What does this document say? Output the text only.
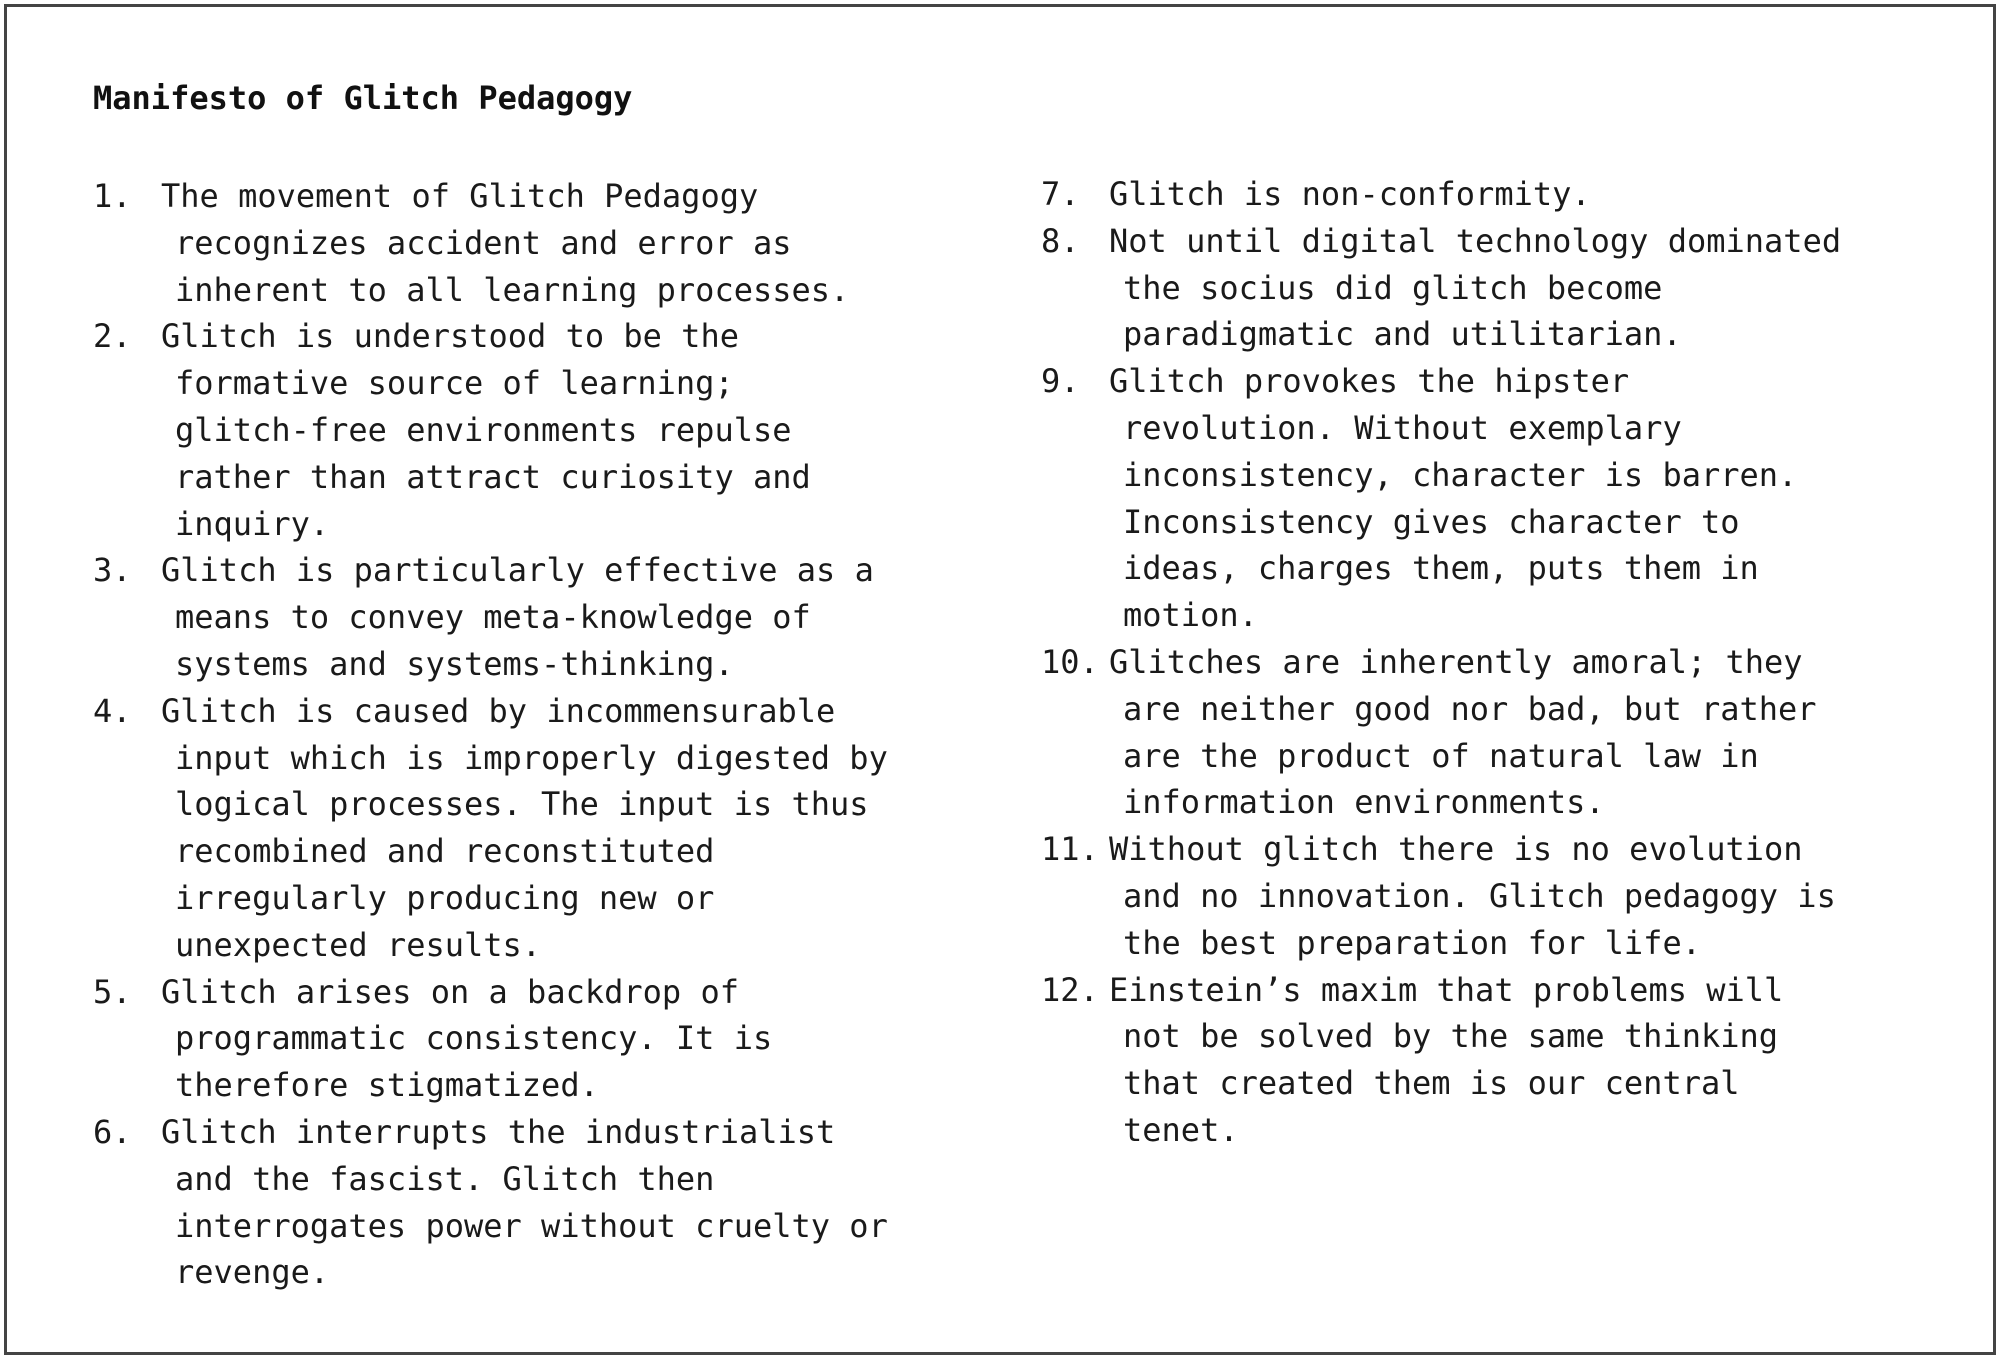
Manifesto of Glitch Pedagogy
1. The movement of Glitch Pedagogy
recognizes accident and error as
inherent to all learning processes.
2. Glitch is understood to be the
formative source of learning;
glitch-free environments repulse
rather than attract curiosity and
inquiry.
3. Glitch is particularly effective as a
means to convey meta-knowledge of
systems and systems-thinking.
4. Glitch is caused by incommensurable
input which is improperly digested by
logical processes. The input is thus
recombined and reconstituted
irregularly producing new or
unexpected results.
5. Glitch arises on a backdrop of
programmatic consistency. It is
therefore stigmatized.
6. Glitch interrupts the industrialist
and the fascist. Glitch then
interrogates power without cruelty or
revenge.
7. Glitch is non-conformity.
8. Not until digital technology dominated
the socius did glitch become
paradigmatic and utilitarian.
9. Glitch provokes the hipster
revolution. Without exemplary
inconsistency, character is barren.
Inconsistency gives character to
ideas, charges them, puts them in
motion.
10. Glitches are inherently amoral; they
are neither good nor bad, but rather
are the product of natural law in
information environments.
11. Without glitch there is no evolution
and no innovation. Glitch pedagogy is
the best preparation for life.
12. Einstein’s maxim that problems will
not be solved by the same thinking
that created them is our central
tenet.
